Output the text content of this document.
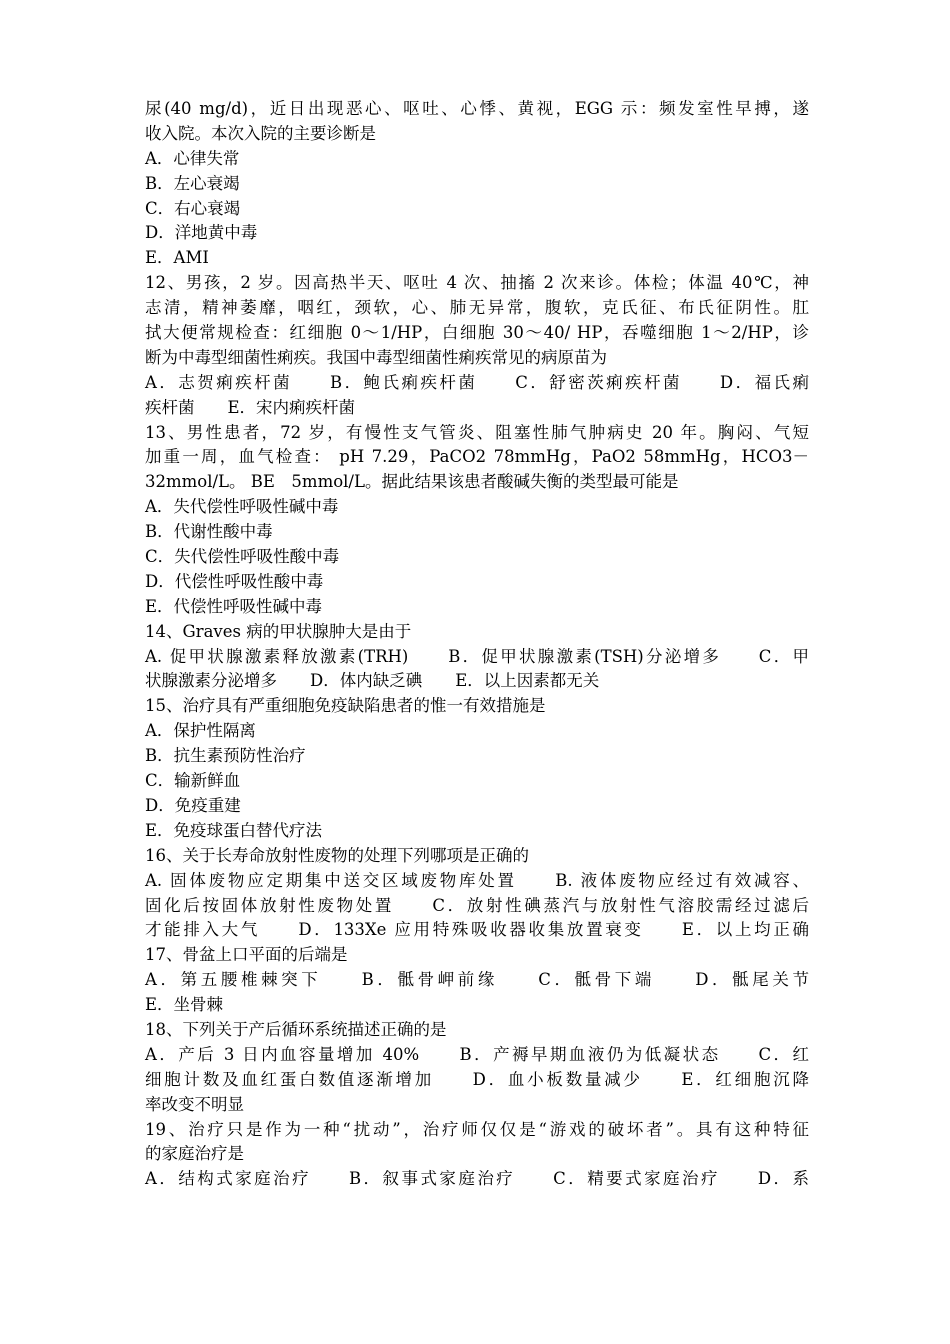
尿(40 mg/d)，近日出现恶心、呕吐、心悸、黄视，EGG 示：频发室性早搏，遂
收入院。本次入院的主要诊断是
A．心律失常
B．左心衰竭
C．右心衰竭
D．洋地黄中毒
E．AMI
12、男孩，2 岁。因高热半天、呕吐 4 次、抽搐 2 次来诊。体检；体温 40℃，神
志清，精神萎靡，咽红，颈软，心、肺无异常，腹软，克氏征、布氏征阴性。肛
拭大便常规检查：红细胞 0～1/HP，白细胞 30～40/ HP，吞噬细胞 1～2/HP，诊
断为中毒型细菌性痢疾。我国中毒型细菌性痢疾常见的病原苗为
A．志贺痢疾杆菌　　B．鲍氏痢疾杆菌　　C．舒密茨痢疾杆菌　　D．福氏痢
疾杆菌　　E．宋内痢疾杆菌
13、男性患者，72 岁，有慢性支气管炎、阻塞性肺气肿病史 20 年。胸闷、气短
加重一周，血气检查： pH 7.29，PaCO2 78mmHg，PaO2 58mmHg，HCO3－
32mmol/L。 BE　5mmol/L。据此结果该患者酸碱失衡的类型最可能是
A．失代偿性呼吸性碱中毒
B．代谢性酸中毒
C．失代偿性呼吸性酸中毒
D．代偿性呼吸性酸中毒
E．代偿性呼吸性碱中毒
14、Graves 病的甲状腺肿大是由于
A. 促甲状腺激素释放激素(TRH)　　B．促甲状腺激素(TSH)分泌增多　　C．甲
状腺激素分泌增多　　D．体内缺乏碘　　E．以上因素都无关
15、治疗具有严重细胞免疫缺陷患者的惟一有效措施是
A．保护性隔离
B．抗生素预防性治疗
C．输新鲜血
D．免疫重建
E．免疫球蛋白替代疗法
16、关于长寿命放射性废物的处理下列哪项是正确的
A. 固体废物应定期集中送交区域废物库处置　　B. 液体废物应经过有效减容、
固化后按固体放射性废物处置　　C．放射性碘蒸汽与放射性气溶胶需经过滤后
才能排入大气　　D．133Xe 应用特殊吸收器收集放置衰变　　E．以上均正确
17、骨盆上口平面的后端是
A．第五腰椎棘突下　　B．骶骨岬前缘　　C．骶骨下端　　D．骶尾关节
E．坐骨棘
18、下列关于产后循环系统描述正确的是
A．产后 3 日内血容量增加 40%　　B．产褥早期血液仍为低凝状态　　C．红
细胞计数及血红蛋白数值逐渐增加　　D．血小板数量减少　　E．红细胞沉降
率改变不明显
19、治疗只是作为一种“扰动”，治疗师仅仅是“游戏的破坏者”。具有这种特征
的家庭治疗是
A．结构式家庭治疗　　B．叙事式家庭治疗　　C．精要式家庭治疗　　D．系
